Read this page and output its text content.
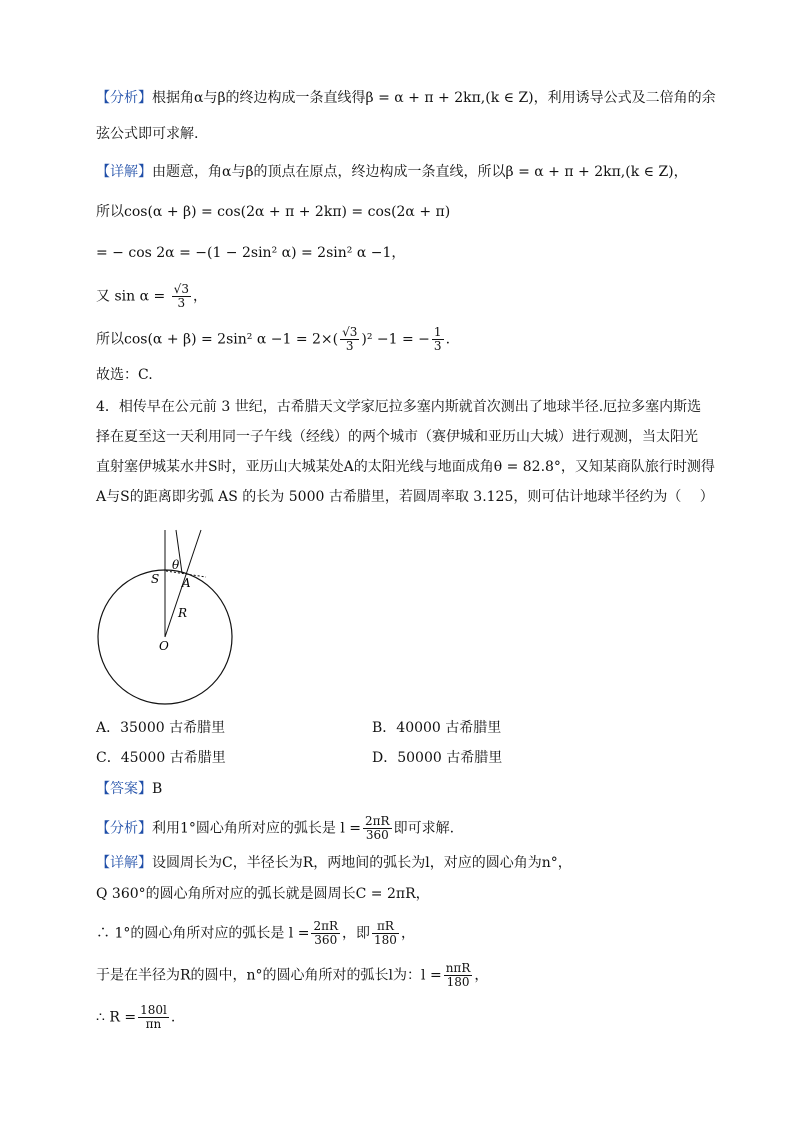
【分析】根据角α与β的终边构成一条直线得β = α + π + 2kπ,(k ∈ Z)，利用诱导公式及二倍角的余
弦公式即可求解.
【详解】由题意，角α与β的顶点在原点，终边构成一条直线，所以β = α + π + 2kπ,(k ∈ Z)，
所以cos(α + β) = cos(2α + π + 2kπ) = cos(2α + π)
= − cos 2α = −(1 − 2sin² α) = 2sin² α −1，
又 $\sin \alpha = \frac{√3}{3}$ ，
所以cos(α + β) = 2sin² $\alpha -1 = 2\times( \frac{√3}{3} )^2 -1$ = − $\frac{1}{3}$ .
故选：C.
4．相传早在公元前 3 世纪，古希腊天文学家厄拉多塞内斯就首次测出了地球半径.厄拉多塞内斯选
择在夏至这一天利用同一子午线（经线）的两个城市（赛伊城和亚历山大城）进行观测，当太阳光
直射塞伊城某水井S时，亚历山大城某处A的太阳光线与地面成角θ = 82.8°，又知某商队旅行时测得
A与S的距离即劣弧 AS 的长为 5000 古希腊里，若圆周率取 3.125，则可估计地球半径约为（　 ）
S
θ
A
R
O
A．35000 古希腊里	B．40000 古希腊里
C．45000 古希腊里	D．50000 古希腊里
【答案】B
【分析】利用1°圆心角所对应的弧长是 $l = \frac{2\pi R}{360}$ 即可求解.
【详解】设圆周长为C，半径长为R，两地间的弧长为l，对应的圆心角为n°，
Q 360°的圆心角所对应的弧长就是圆周长C = 2πR，
∴ 1°的圆心角所对应的弧长是 $l = \frac{2\pi R}{360}$ ，即 $\frac{\pi R}{180}$ ，
于是在半径为R的圆中，n°的圆心角所对的弧长l为：$l = \frac{\text{nπR}}{180}$ ，
∴ $R = \frac{180l}{\pi n}$ .
